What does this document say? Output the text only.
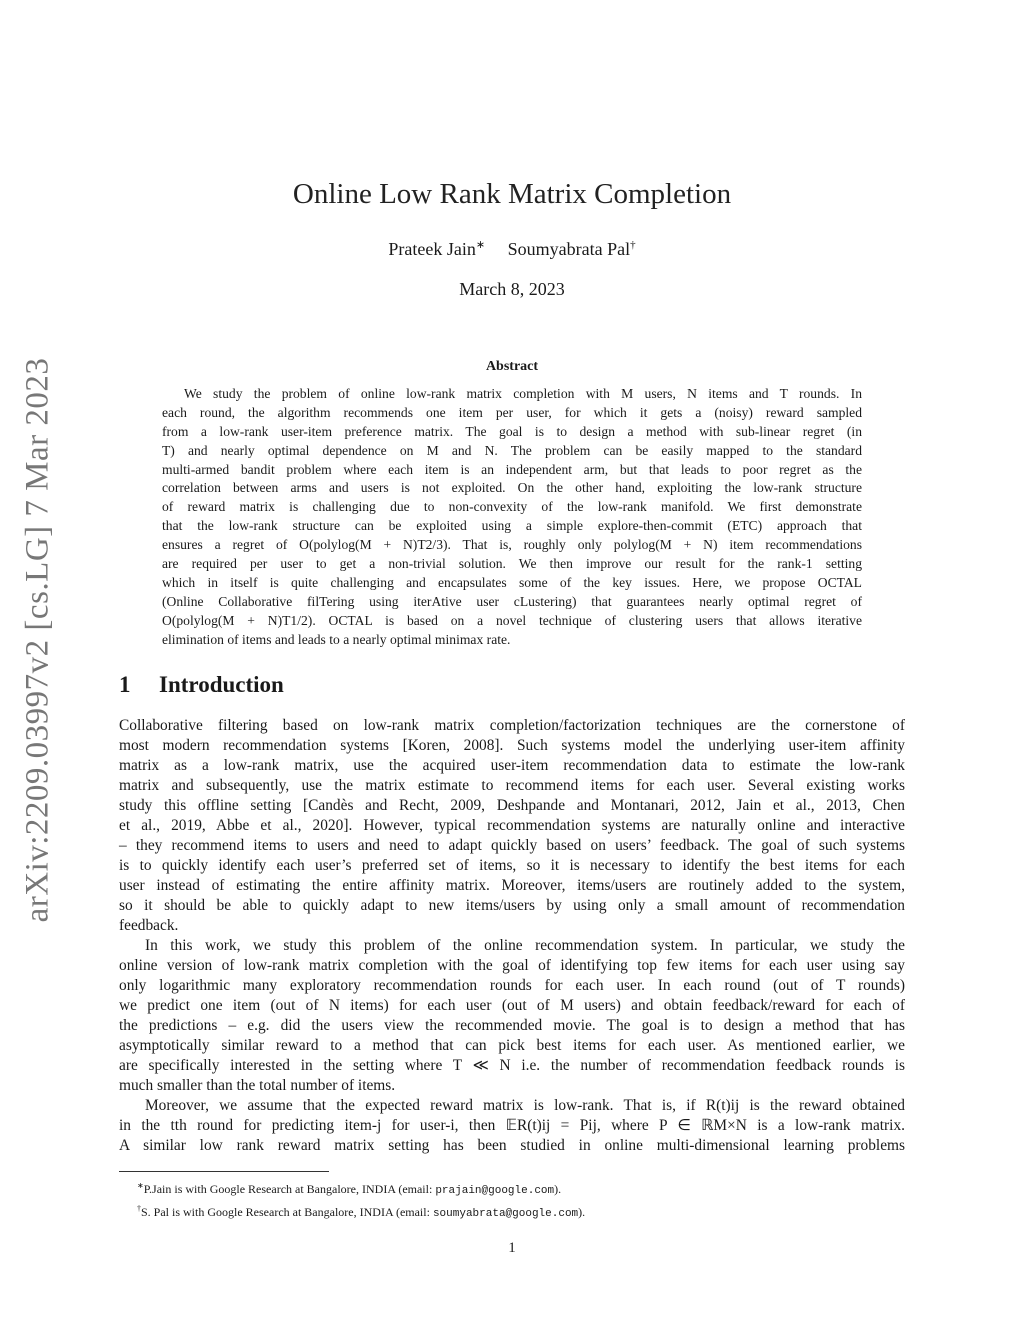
arXiv:2209.03997v2 [cs.LG] 7 Mar 2023
Online Low Rank Matrix Completion
Prateek Jain∗ Soumyabrata Pal†
March 8, 2023
Abstract
We study the problem of online low-rank matrix completion with M users, N items and T rounds. In
each round, the algorithm recommends one item per user, for which it gets a (noisy) reward sampled
from a low-rank user-item preference matrix. The goal is to design a method with sub-linear regret (in
T) and nearly optimal dependence on M and N. The problem can be easily mapped to the standard
multi-armed bandit problem where each item is an independent arm, but that leads to poor regret as the
correlation between arms and users is not exploited. On the other hand, exploiting the low-rank structure
of reward matrix is challenging due to non-convexity of the low-rank manifold. We first demonstrate
that the low-rank structure can be exploited using a simple explore-then-commit (ETC) approach that
ensures a regret of O(polylog(M + N)T2/3). That is, roughly only polylog(M + N) item recommendations
are required per user to get a non-trivial solution. We then improve our result for the rank-1 setting
which in itself is quite challenging and encapsulates some of the key issues. Here, we propose OCTAL
(Online Collaborative filTering using iterAtive user cLustering) that guarantees nearly optimal regret of
O(polylog(M + N)T1/2). OCTAL is based on a novel technique of clustering users that allows iterative
elimination of items and leads to a nearly optimal minimax rate.
1 Introduction
Collaborative filtering based on low-rank matrix completion/factorization techniques are the cornerstone of
most modern recommendation systems [Koren, 2008]. Such systems model the underlying user-item affinity
matrix as a low-rank matrix, use the acquired user-item recommendation data to estimate the low-rank
matrix and subsequently, use the matrix estimate to recommend items for each user. Several existing works
study this offline setting [Candès and Recht, 2009, Deshpande and Montanari, 2012, Jain et al., 2013, Chen
et al., 2019, Abbe et al., 2020]. However, typical recommendation systems are naturally online and interactive
– they recommend items to users and need to adapt quickly based on users’ feedback. The goal of such systems
is to quickly identify each user’s preferred set of items, so it is necessary to identify the best items for each
user instead of estimating the entire affinity matrix. Moreover, items/users are routinely added to the system,
so it should be able to quickly adapt to new items/users by using only a small amount of recommendation
feedback.
In this work, we study this problem of the online recommendation system. In particular, we study the
online version of low-rank matrix completion with the goal of identifying top few items for each user using say
only logarithmic many exploratory recommendation rounds for each user. In each round (out of T rounds)
we predict one item (out of N items) for each user (out of M users) and obtain feedback/reward for each of
the predictions – e.g. did the users view the recommended movie. The goal is to design a method that has
asymptotically similar reward to a method that can pick best items for each user. As mentioned earlier, we
are specifically interested in the setting where T ≪ N i.e. the number of recommendation feedback rounds is
much smaller than the total number of items.
Moreover, we assume that the expected reward matrix is low-rank. That is, if R(t)ij is the reward obtained
in the tth round for predicting item-j for user-i, then 𝔼R(t)ij = Pij, where P ∈ ℝM×N is a low-rank matrix.
A similar low rank reward matrix setting has been studied in online multi-dimensional learning problems
∗P.Jain is with Google Research at Bangalore, INDIA (email: prajain@google.com).
†S. Pal is with Google Research at Bangalore, INDIA (email: soumyabrata@google.com).
1
